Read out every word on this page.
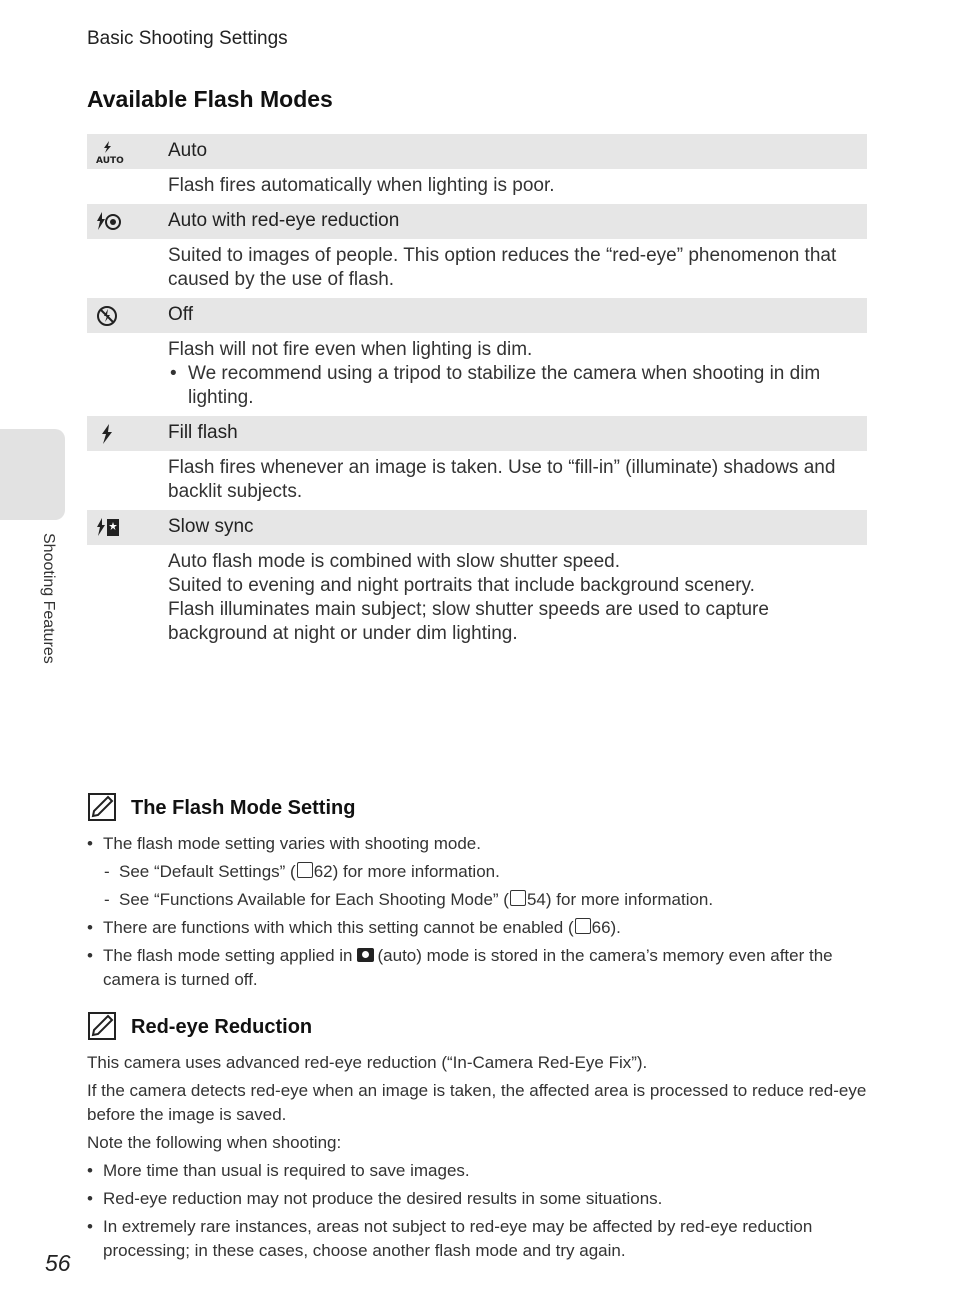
Basic Shooting Settings
Available Flash Modes
AUTO Auto
Flash fires automatically when lighting is poor.
Auto with red-eye reduction
Suited to images of people. This option reduces the “red-eye” phenomenon that caused by the use of flash.
Off
Flash will not fire even when lighting is dim.
• We recommend using a tripod to stabilize the camera when shooting in dim lighting.
Fill flash
Flash fires whenever an image is taken. Use to “fill-in” (illuminate) shadows and backlit subjects.
Slow sync
Auto flash mode is combined with slow shutter speed.
Suited to evening and night portraits that include background scenery.
Flash illuminates main subject; slow shutter speeds are used to capture background at night or under dim lighting.
Shooting Features
The Flash Mode Setting
• The flash mode setting varies with shooting mode.
- See “Default Settings” ( 62) for more information.
- See “Functions Available for Each Shooting Mode” ( 54) for more information.
• There are functions with which this setting cannot be enabled ( 66).
• The flash mode setting applied in (auto) mode is stored in the camera’s memory even after the camera is turned off.
Red-eye Reduction
This camera uses advanced red-eye reduction (“In-Camera Red-Eye Fix”).
If the camera detects red-eye when an image is taken, the affected area is processed to reduce red-eye before the image is saved.
Note the following when shooting:
• More time than usual is required to save images.
• Red-eye reduction may not produce the desired results in some situations.
• In extremely rare instances, areas not subject to red-eye may be affected by red-eye reduction processing; in these cases, choose another flash mode and try again.
56
